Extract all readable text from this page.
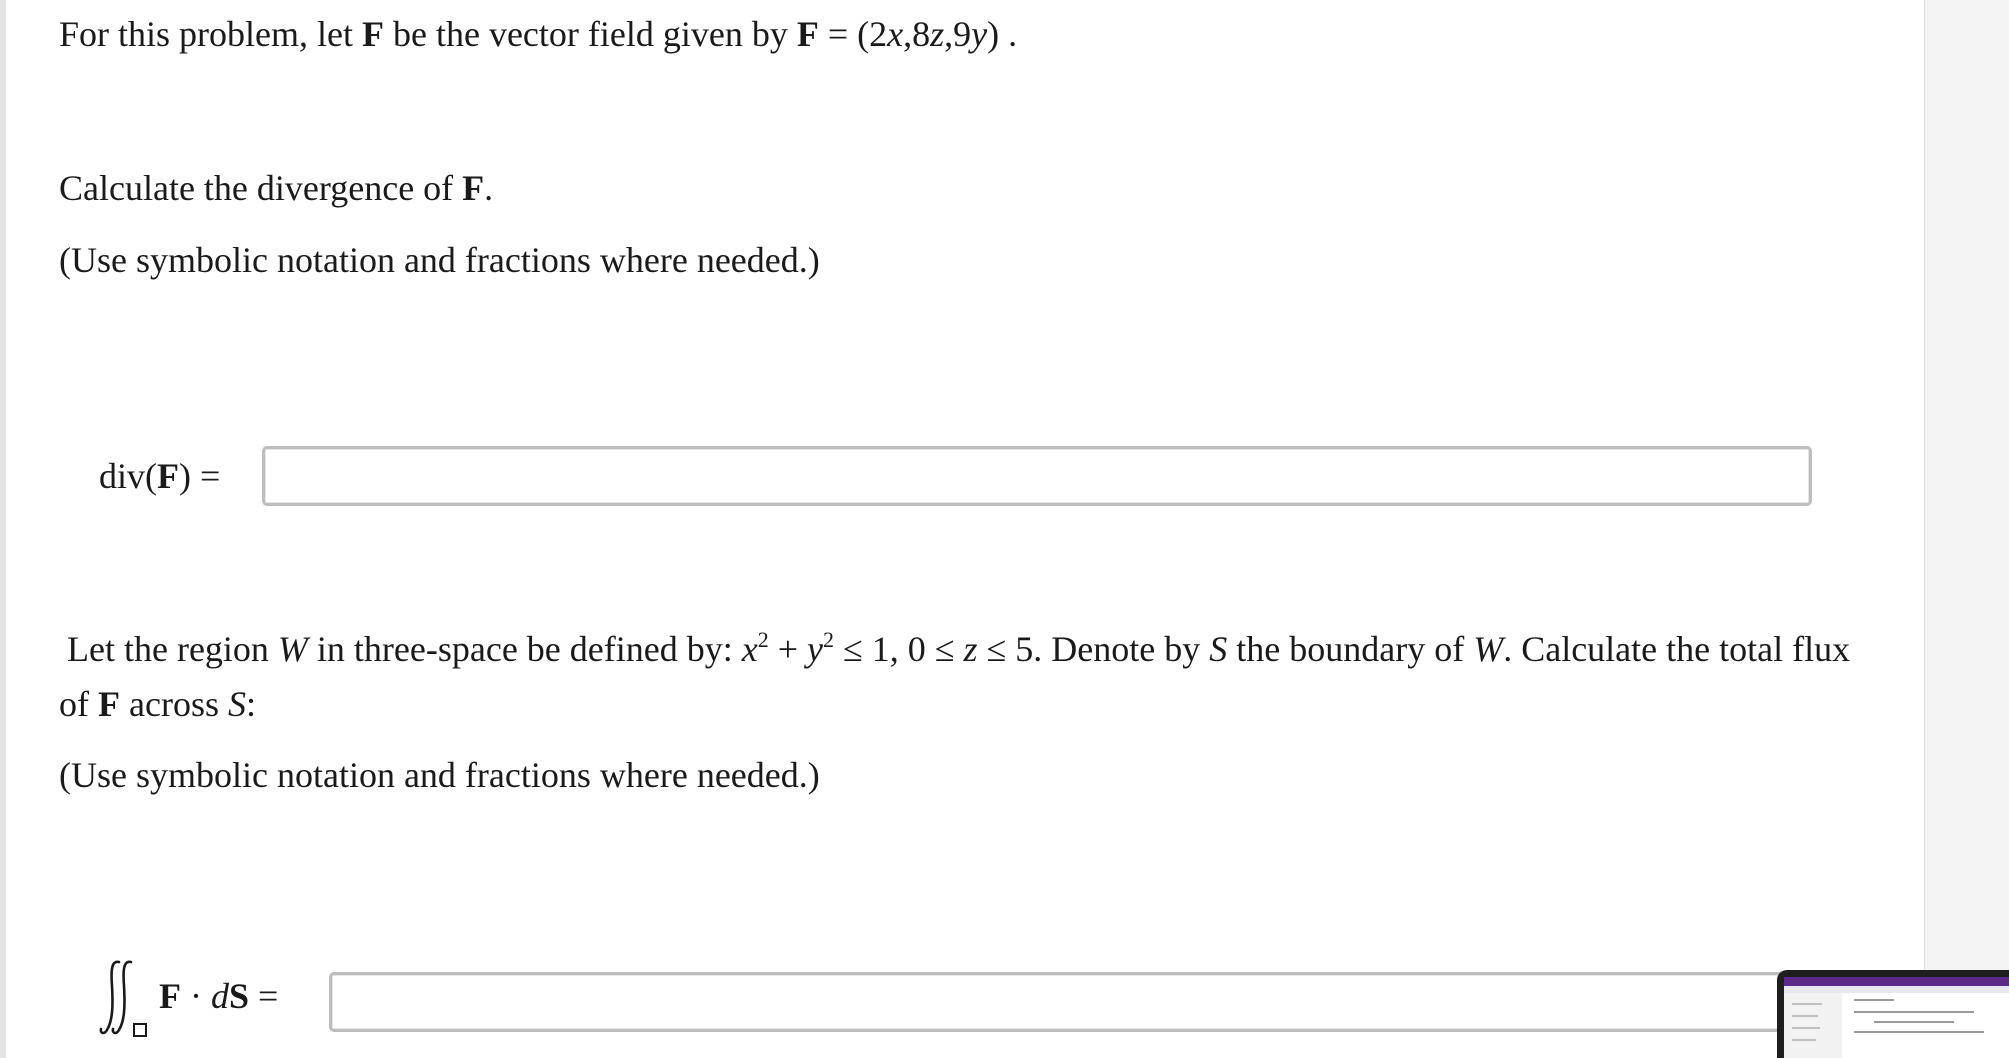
For this problem, let F be the vector field given by F = (2x,8z,9y) .
Calculate the divergence of F.
(Use symbolic notation and fractions where needed.)
div(F) =
Let the region W in three-space be defined by: $x^2 + y^2 \le 1$, 0 ≤ z ≤ 5. Denote by S the boundary of W. Calculate the total flux
of F across S:
(Use symbolic notation and fractions where needed.)
F · dS =
